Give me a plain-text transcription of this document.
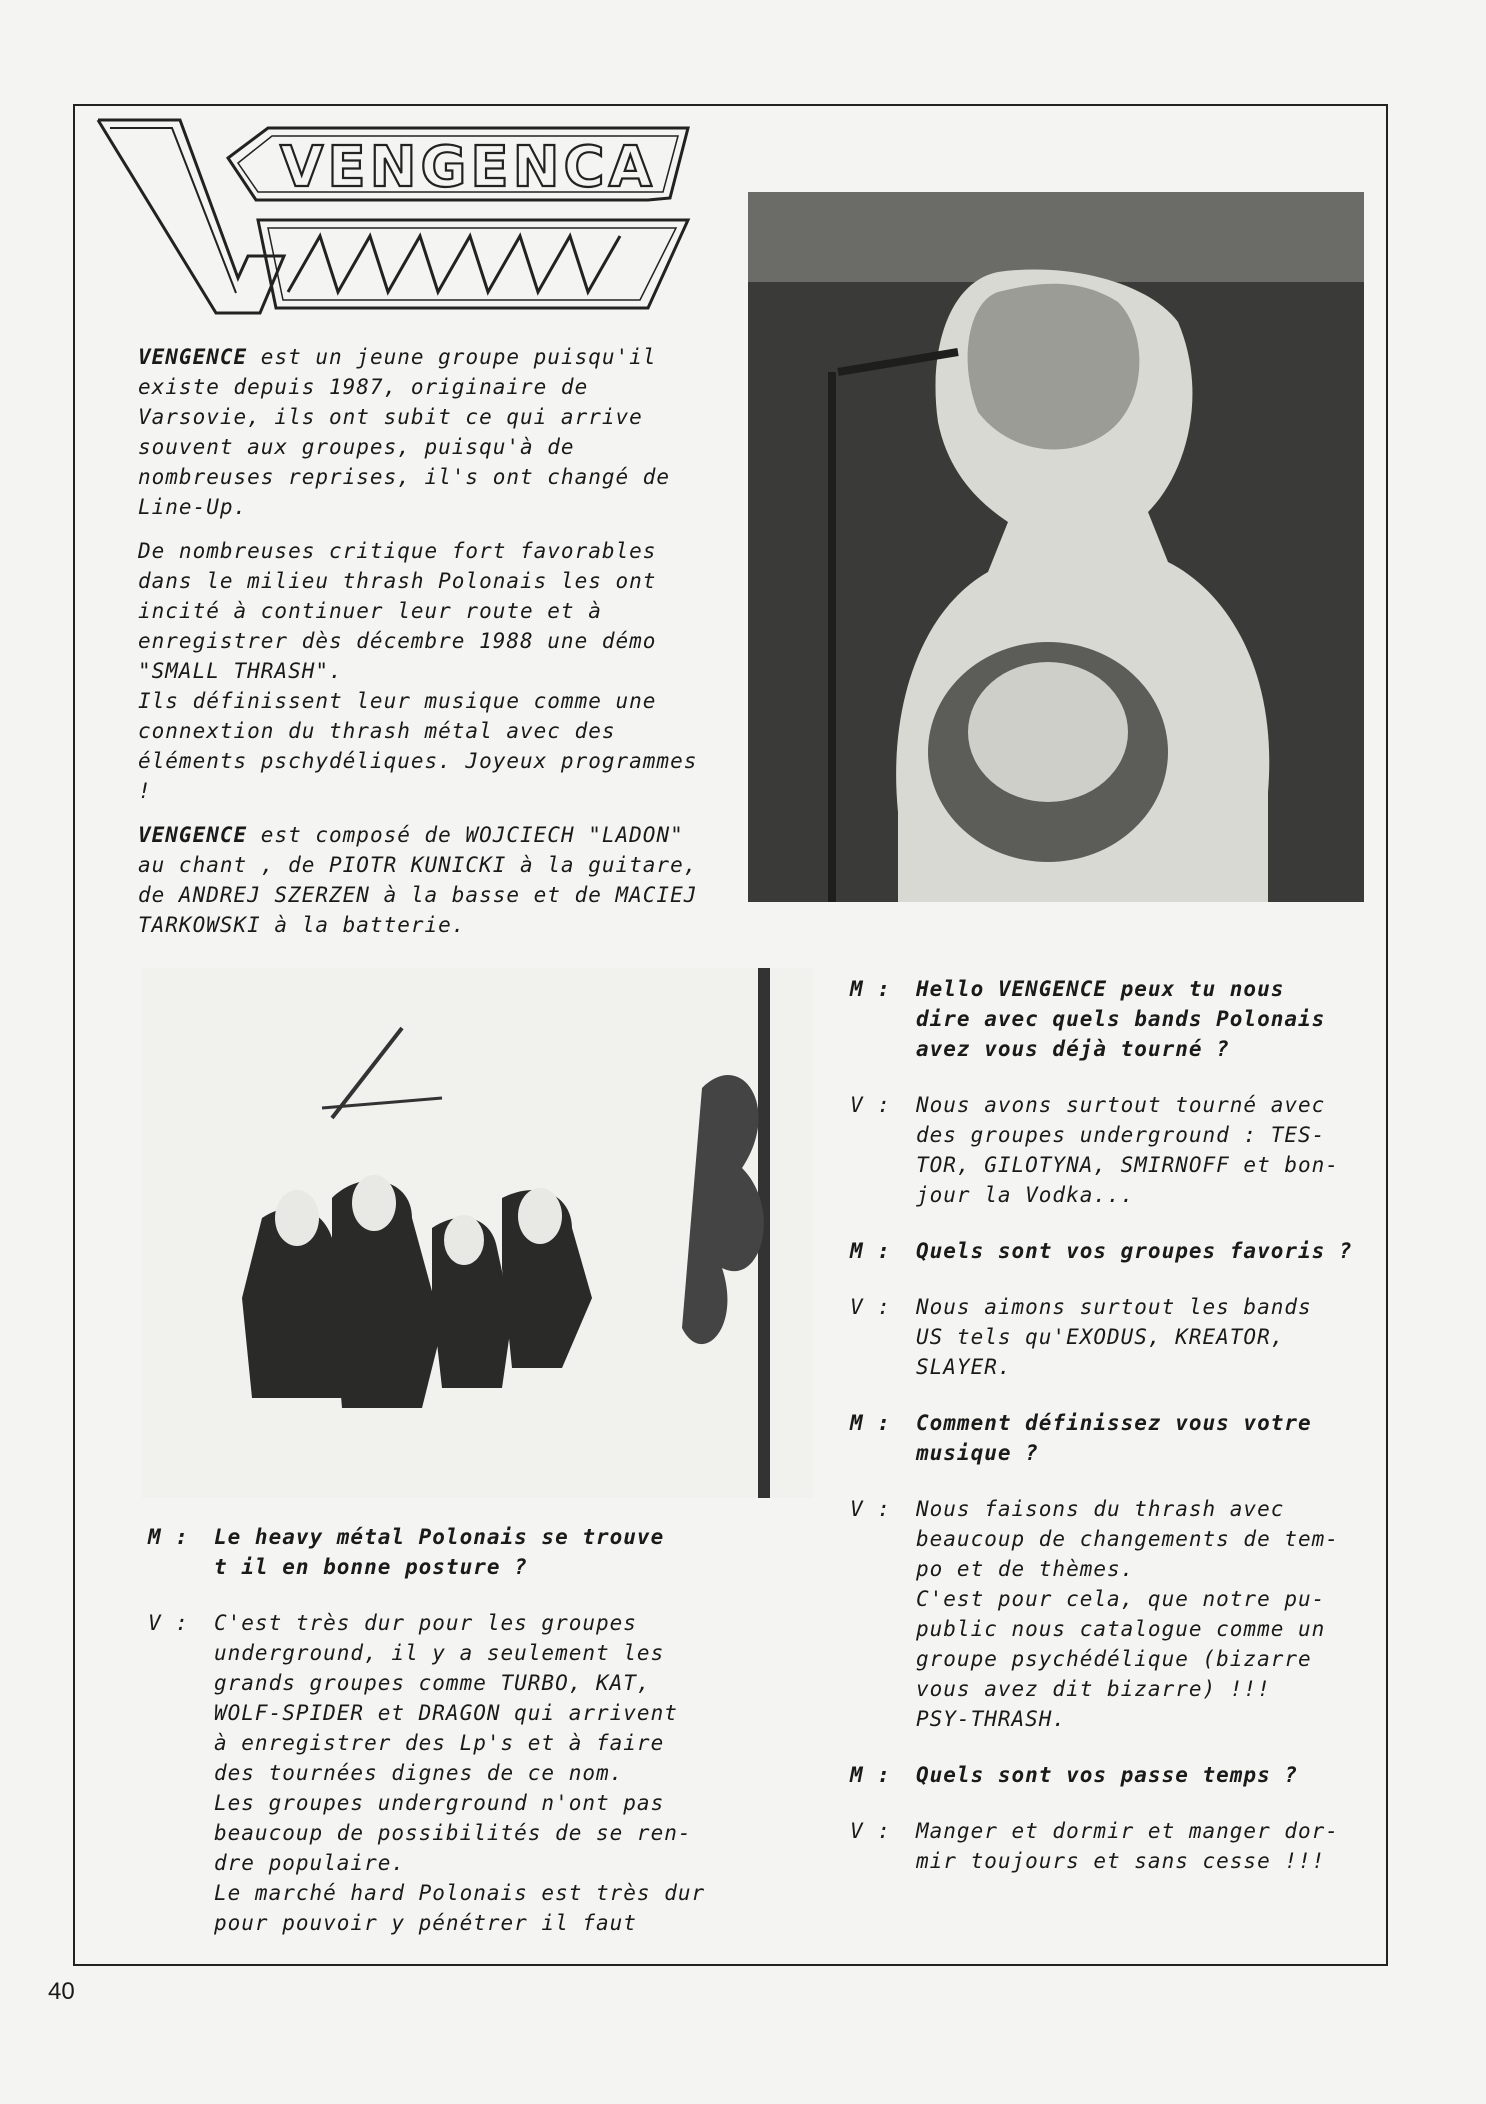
VENGENCA

VENGENCE est un jeune groupe puisqu'il existe depuis 1987, originaire de Varsovie, ils ont subit ce qui arrive souvent aux groupes, puisqu'à de nombreuses reprises, il's ont changé de Line-Up.

De nombreuses critique fort favorables dans le milieu thrash Polonais les ont incité à continuer leur route et à enregistrer dès décembre 1988 une démo "SMALL THRASH".

Ils définissent leur musique comme une connextion du thrash métal avec des éléments pschydéliques. Joyeux programmes !

VENGENCE est composé de WOJCIECH "LADON" au chant , de PIOTR KUNICKI à la guitare, de ANDREJ SZERZEN à la basse et de MACIEJ TARKOWSKI à la batterie.

M :	Le heavy métal Polonais se trouve
t il en bonne posture ?
V :	C'est très dur pour les groupes
underground, il y a seulement les
grands groupes comme TURBO, KAT,
WOLF-SPIDER et DRAGON qui arrivent
à enregistrer des Lp's et à faire
des tournées dignes de ce nom.
Les groupes underground n'ont pas
beaucoup de possibilités de se ren-
dre populaire.
Le marché hard Polonais est très dur
pour pouvoir y pénétrer il faut
M :	Hello VENGENCE peux tu nous
dire avec quels bands Polonais
avez vous déjà tourné ?
V :	Nous avons surtout tourné avec
des groupes underground : TES-
TOR, GILOTYNA, SMIRNOFF et bon-
jour la Vodka...
M :	Quels sont vos groupes favoris ?
V :	Nous aimons surtout les bands
US tels qu'EXODUS, KREATOR,
SLAYER.
M :	Comment définissez vous votre
musique ?
V :	Nous faisons du thrash avec
beaucoup de changements de tem-
po et de thèmes.
C'est pour cela, que notre pu-
public nous catalogue comme un
groupe psychédélique (bizarre
vous avez dit bizarre) !!!
PSY-THRASH.
M :	Quels sont vos passe temps ?
V :	Manger et dormir et manger dor-
mir toujours et sans cesse !!!
40
